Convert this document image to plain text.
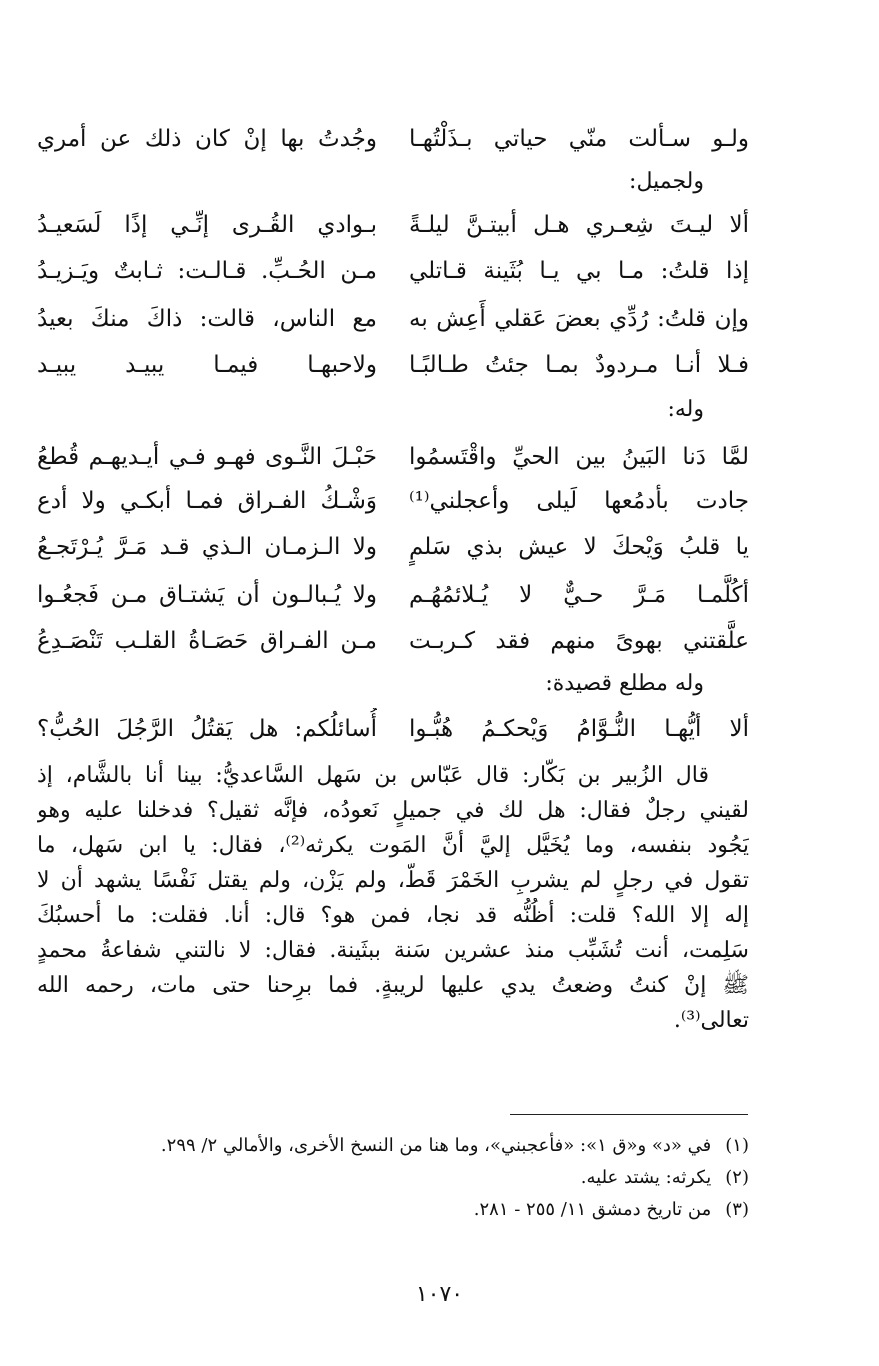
ولـو سـألت منّي حياتي بـذَلْتُهـا
وجُدتُ بها إنْ كان ذلك عن أمري
ولجميل:
ألا ليـتَ شِعـري هـل أبيتـنَّ ليلـةً
بـوادي القُـرى إنِّـي إذًا لَسَعيـدُ
إذا قلتُ: مـا بي يـا بُثَينة قـاتلي
مـن الحُـبِّ. قـالـت: ثـابتٌ ويَـزيـدُ
وإن قلتُ: رُدِّي بعضَ عَقلي أَعِش به
مع الناس، قالت: ذاكَ منكَ بعيدُ
فـلا أنـا مـردودٌ بمـا جئتُ طـالبًـا
ولاحبهـا فيمـا يبيـد يبيـد
وله:
لمَّا دَنا البَينُ بين الحيِّ واقْتَسمُوا
حَبْـلَ النَّـوى فهـو فـي أيـديهـم قُطعُ
جادت بأدمُعها لَيلى وأعجلني⁽¹⁾
وَشْـكُ الفـراق فمـا أبكـي ولا أدع
يا قلبُ وَيْحكَ لا عيش بذي سَلمٍ
ولا الـزمـان الـذي قـد مَـرَّ يُـرْتَجـعُ
أكُلَّمـا مَـرَّ حـيٌّ لا يُـلائمُهُـم
ولا يُـبالـون أن يَشتـاق مـن فَجعُـوا
علَّقتني بهوىً منهم فقد كـربـت
مـن الفـراق حَصَـاةُ القلـب تَنْصَـدِعُ
وله مطلع قصيدة:
ألا أيُّهـا النُّـوَّامُ وَيْحكـمُ هُبُّـوا
أُسائلُكم: هل يَقتُلُ الرَّجُلَ الحُبُّ؟
قال الزُبير بن بَكّار: قال عَبّاس بن سَهل السَّاعديُّ: بينا أنا بالشَّام، إذ
لقيني رجلٌ فقال: هل لك في جميلٍ نَعودُه، فإنَّه ثقيل؟ فدخلنا عليه وهو
يَجُود بنفسه، وما يُخَيَّل إليَّ أنَّ المَوت يكرثه⁽²⁾، فقال: يا ابن سَهل، ما
تقول في رجلٍ لم يشربِ الخَمْرَ قَطُّ، ولم يَزْن، ولم يقتل نَفْسًا يشهد أن لا
إله إلا الله؟ قلت: أظُنُّه قد نجا، فمن هو؟ قال: أنا. فقلت: ما أحسبُكَ
سَلِمت، أنت تُشَبِّب منذ عشرين سَنة ببثَينة. فقال: لا نالتني شفاعةُ محمدٍ
ﷺ إنْ كنتُ وضعتُ يدي عليها لريبةٍ. فما برِحنا حتى مات، رحمه الله
تعالى⁽³⁾.
(١)في «د» و«ق ١»: «فأعجبني»، وما هنا من النسخ الأخرى، والأمالي ٢/ ٢٩٩.
(٢)يكرثه: يشتد عليه.
(٣)من تاريخ دمشق ١١/ ٢٥٥ - ٢٨١.
١٠٧٠
